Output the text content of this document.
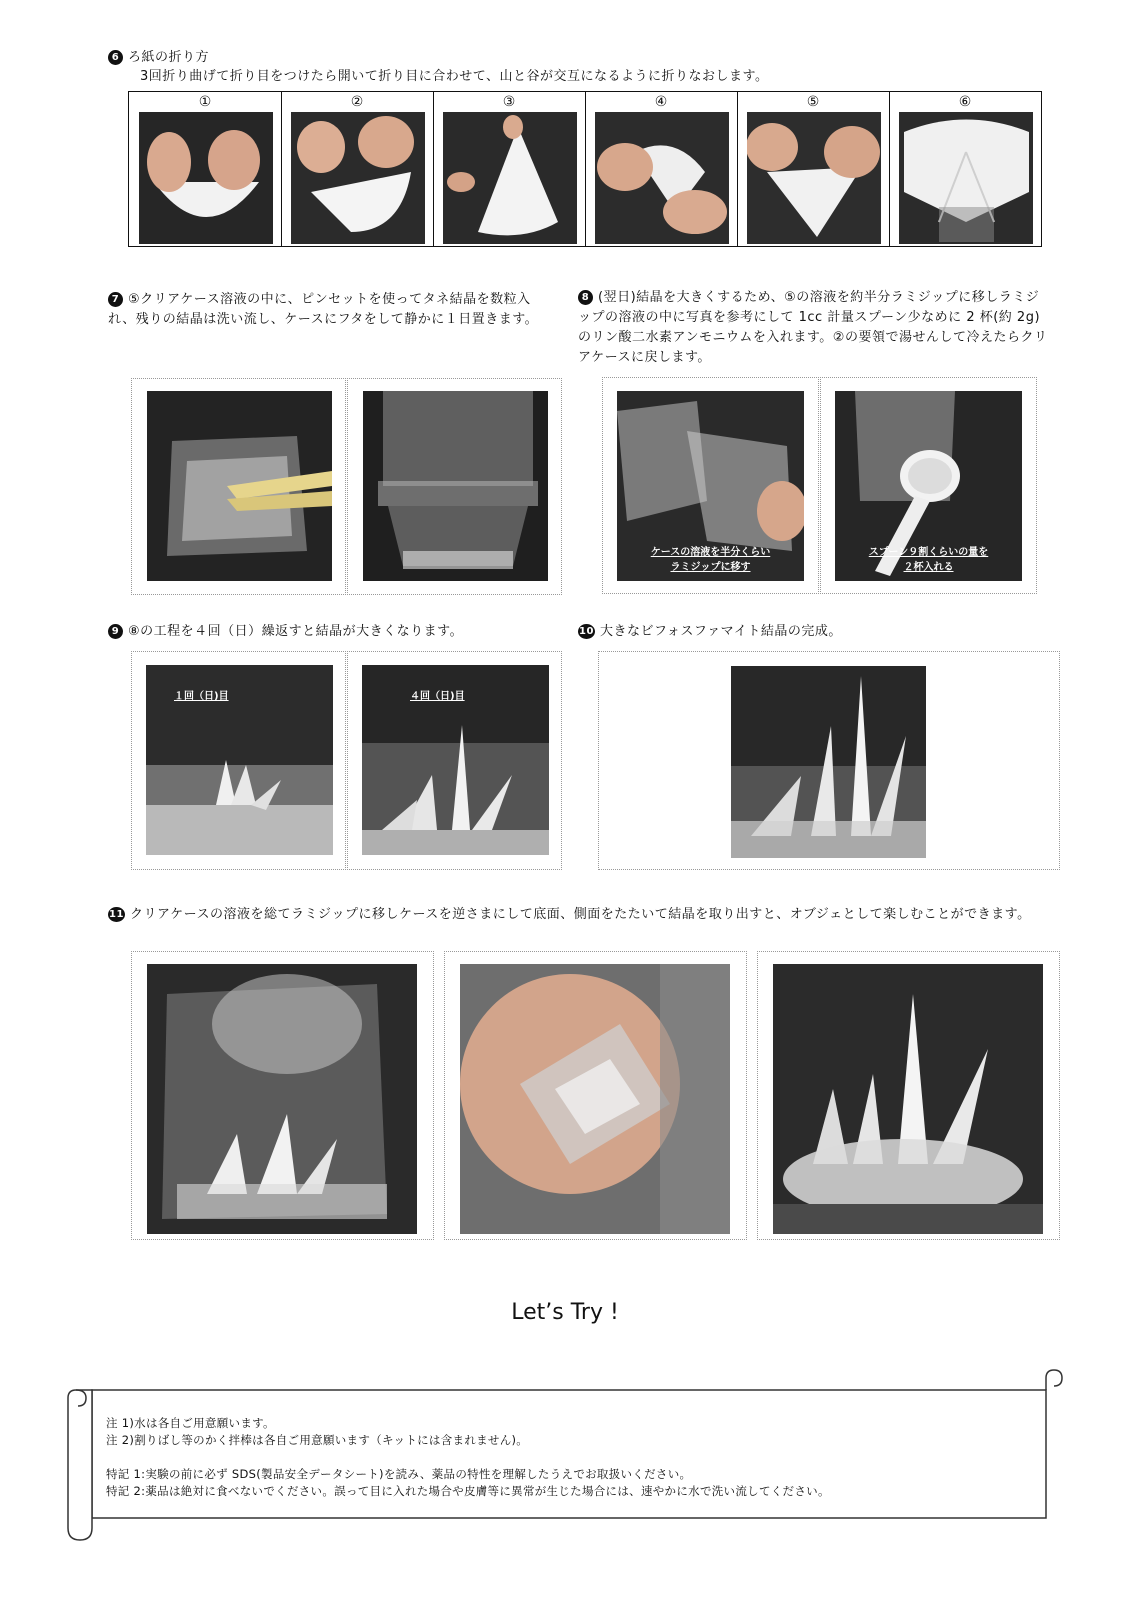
6 ろ紙の折り方
3回折り曲げて折り目をつけたら開いて折り目に合わせて、山と谷が交互になるように折りなおします。
①	②	③	④	⑤	⑥
7 ⑤クリアケース溶液の中に、ピンセットを使ってタネ結晶を数粒入れ、残りの結晶は洗い流し、ケースにフタをして静かに１日置きます。
8 (翌日)結晶を大きくするため、⑤の溶液を約半分ラミジップに移しラミジップの溶液の中に写真を参考にして 1cc 計量スプーン少なめに 2 杯(約 2g)のリン酸二水素アンモニウムを入れます。②の要領で湯せんして冷えたらクリアケースに戻します。
ケースの溶液を半分くらい
ラミジップに移す
スプーン９割くらいの量を
２杯入れる
9 ⑧の工程を４回（日）繰返すと結晶が大きくなります。
１回（日)目	４回（日)目
10 大きなビフォスファマイト結晶の完成。
11 クリアケースの溶液を総てラミジップに移しケースを逆さまにして底面、側面をたたいて結晶を取り出すと、オブジェとして楽しむことができます。
Let’s Try !
注 1)水は各自ご用意願います。
注 2)割りばし等のかく拌棒は各自ご用意願います（キットには含まれません)。
特記 1:実験の前に必ず SDS(製品安全データシート)を読み、薬品の特性を理解したうえでお取扱いください。
特記 2:薬品は絶対に食べないでください。誤って目に入れた場合や皮膚等に異常が生じた場合には、速やかに水で洗い流してください。
